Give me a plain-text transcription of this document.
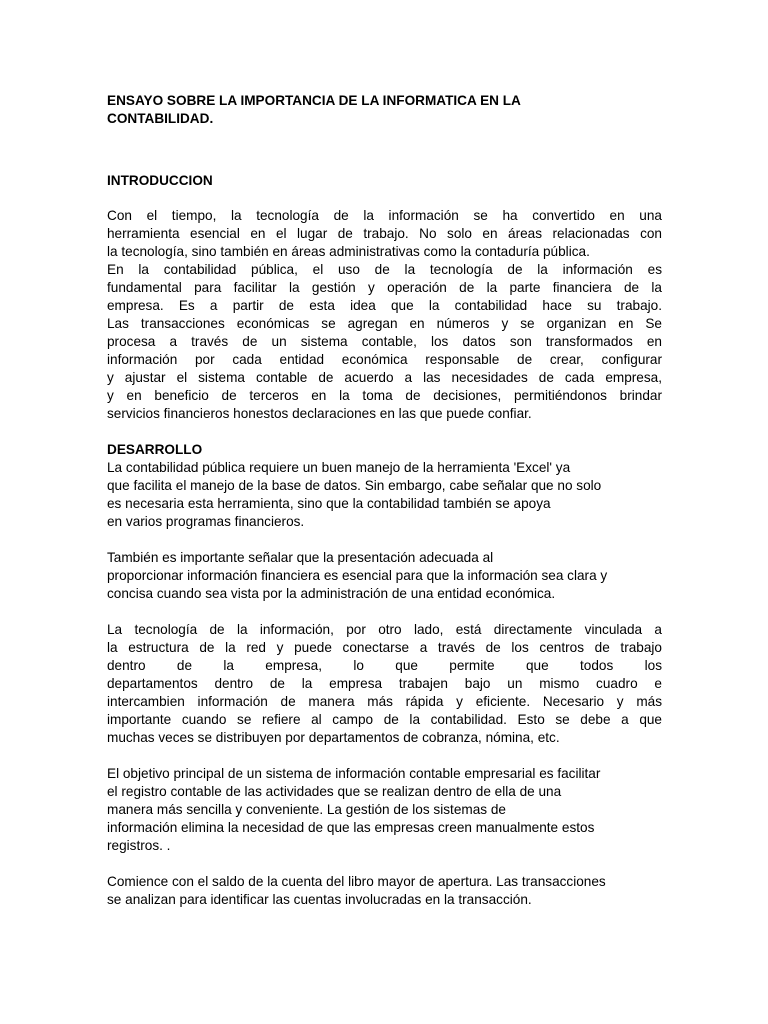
ENSAYO SOBRE LA IMPORTANCIA DE LA INFORMATICA EN LA
CONTABILIDAD.
INTRODUCCION
Con el tiempo, la tecnología de la información se ha convertido en una
herramienta esencial en el lugar de trabajo. No solo en áreas relacionadas con
la tecnología, sino también en áreas administrativas como la contaduría pública.
En la contabilidad pública, el uso de la tecnología de la información es
fundamental para facilitar la gestión y operación de la parte financiera de la
empresa. Es a partir de esta idea que la contabilidad hace su trabajo.
Las transacciones económicas se agregan en números y se organizan en Se
procesa a través de un sistema contable, los datos son transformados en
información por cada entidad económica responsable de crear, configurar
y ajustar el sistema contable de acuerdo a las necesidades de cada empresa,
y en beneficio de terceros en la toma de decisiones, permitiéndonos brindar
servicios financieros honestos declaraciones en las que puede confiar.
DESARROLLO
La contabilidad pública requiere un buen manejo de la herramienta 'Excel' ya
que facilita el manejo de la base de datos. Sin embargo, cabe señalar que no solo
es necesaria esta herramienta, sino que la contabilidad también se apoya
en varios programas financieros.
También es importante señalar que la presentación adecuada al
proporcionar información financiera es esencial para que la información sea clara y
concisa cuando sea vista por la administración de una entidad económica.
La tecnología de la información, por otro lado, está directamente vinculada a
la estructura de la red y puede conectarse a través de los centros de trabajo
dentro de la empresa, lo que permite que todos los
departamentos dentro de la empresa trabajen bajo un mismo cuadro e
intercambien información de manera más rápida y eficiente. Necesario y más
importante cuando se refiere al campo de la contabilidad. Esto se debe a que
muchas veces se distribuyen por departamentos de cobranza, nómina, etc.
El objetivo principal de un sistema de información contable empresarial es facilitar
el registro contable de las actividades que se realizan dentro de ella de una
manera más sencilla y conveniente. La gestión de los sistemas de
información elimina la necesidad de que las empresas creen manualmente estos
registros. .
Comience con el saldo de la cuenta del libro mayor de apertura. Las transacciones
se analizan para identificar las cuentas involucradas en la transacción.
